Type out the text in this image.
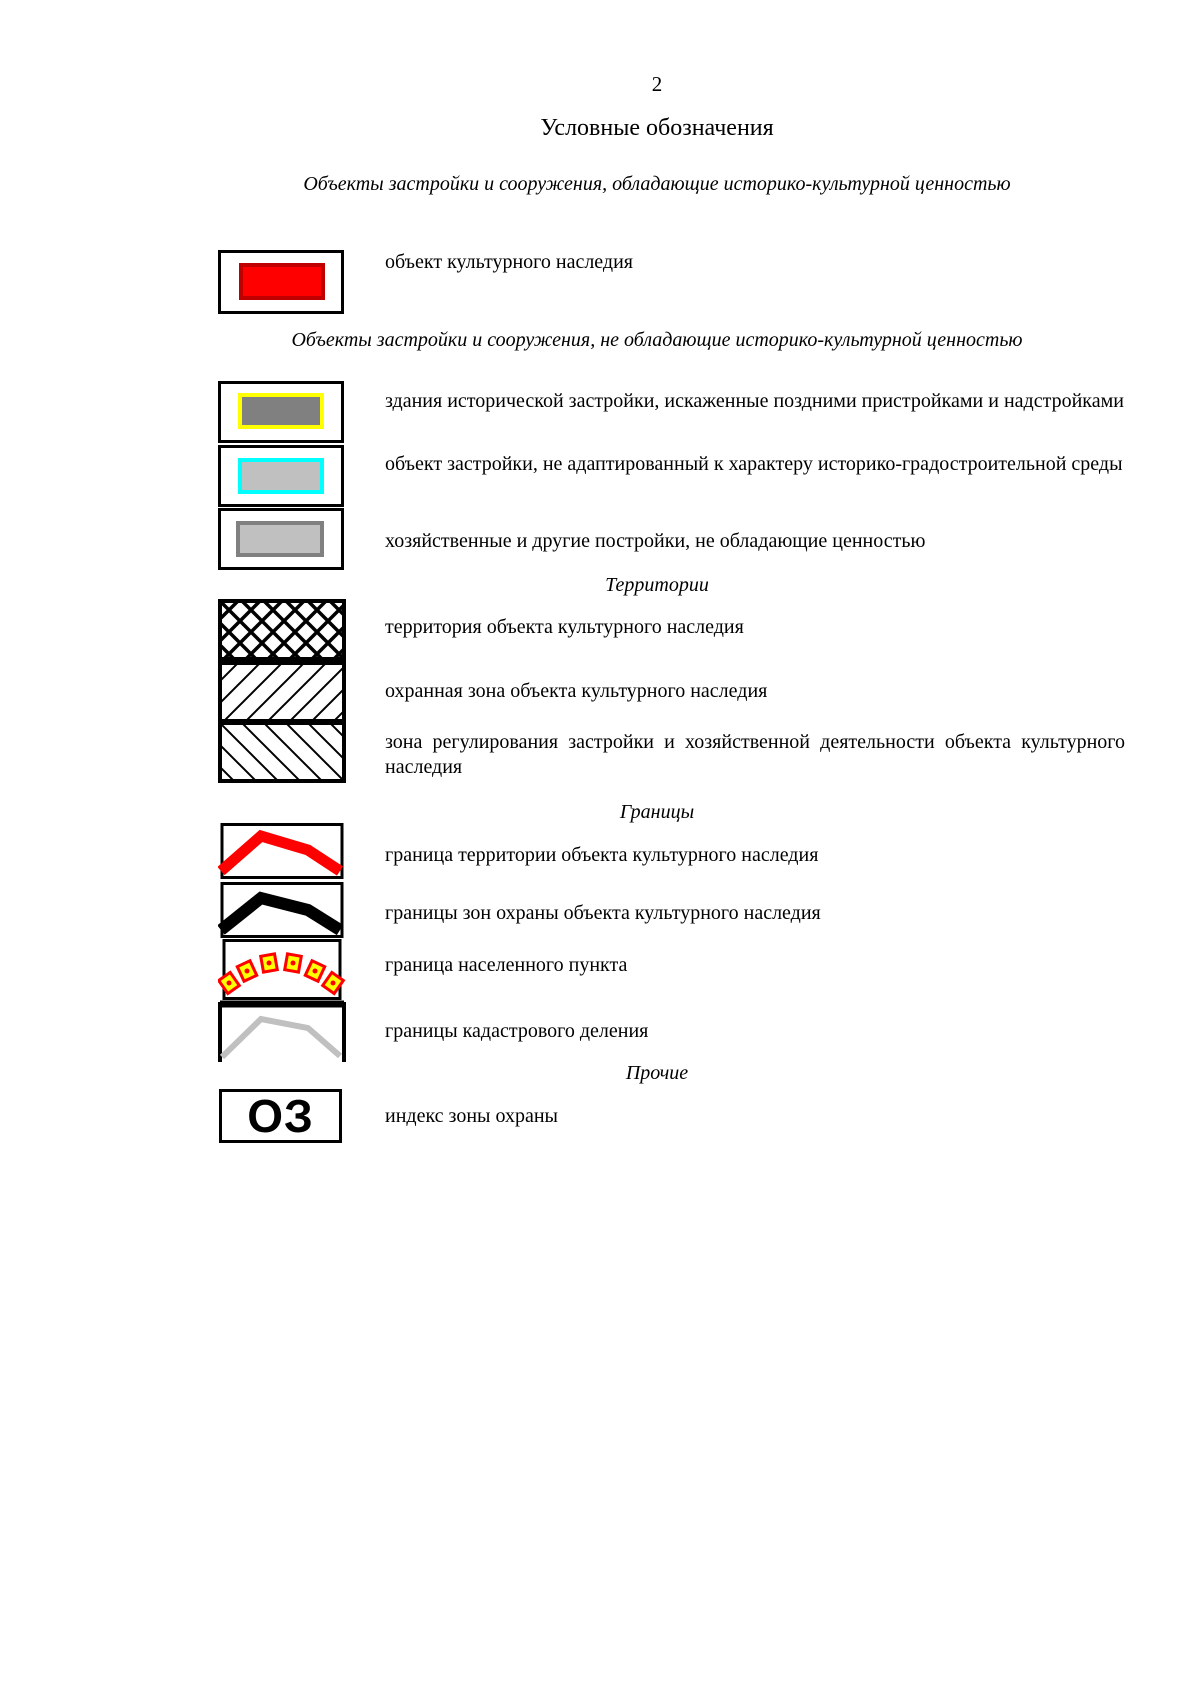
2
Условные обозначения
Объекты застройки и сооружения, обладающие историко-культурной ценностью
объект культурного наследия
Объекты застройки и сооружения, не обладающие историко-культурной ценностью
здания исторической застройки, искаженные поздними пристройками и надстройками
объект застройки, не адаптированный к характеру историко-градостроительной среды
хозяйственные и другие постройки, не обладающие ценностью
Территории
территория объекта культурного наследия
охранная зона объекта культурного наследия
зона регулирования застройки и хозяйственной деятельности объекта культурного наследия
Границы
граница территории объекта культурного наследия
границы зон охраны объекта культурного наследия
граница населенного пункта
границы кадастрового деления
Прочие
ОЗ	индекс зоны охраны
